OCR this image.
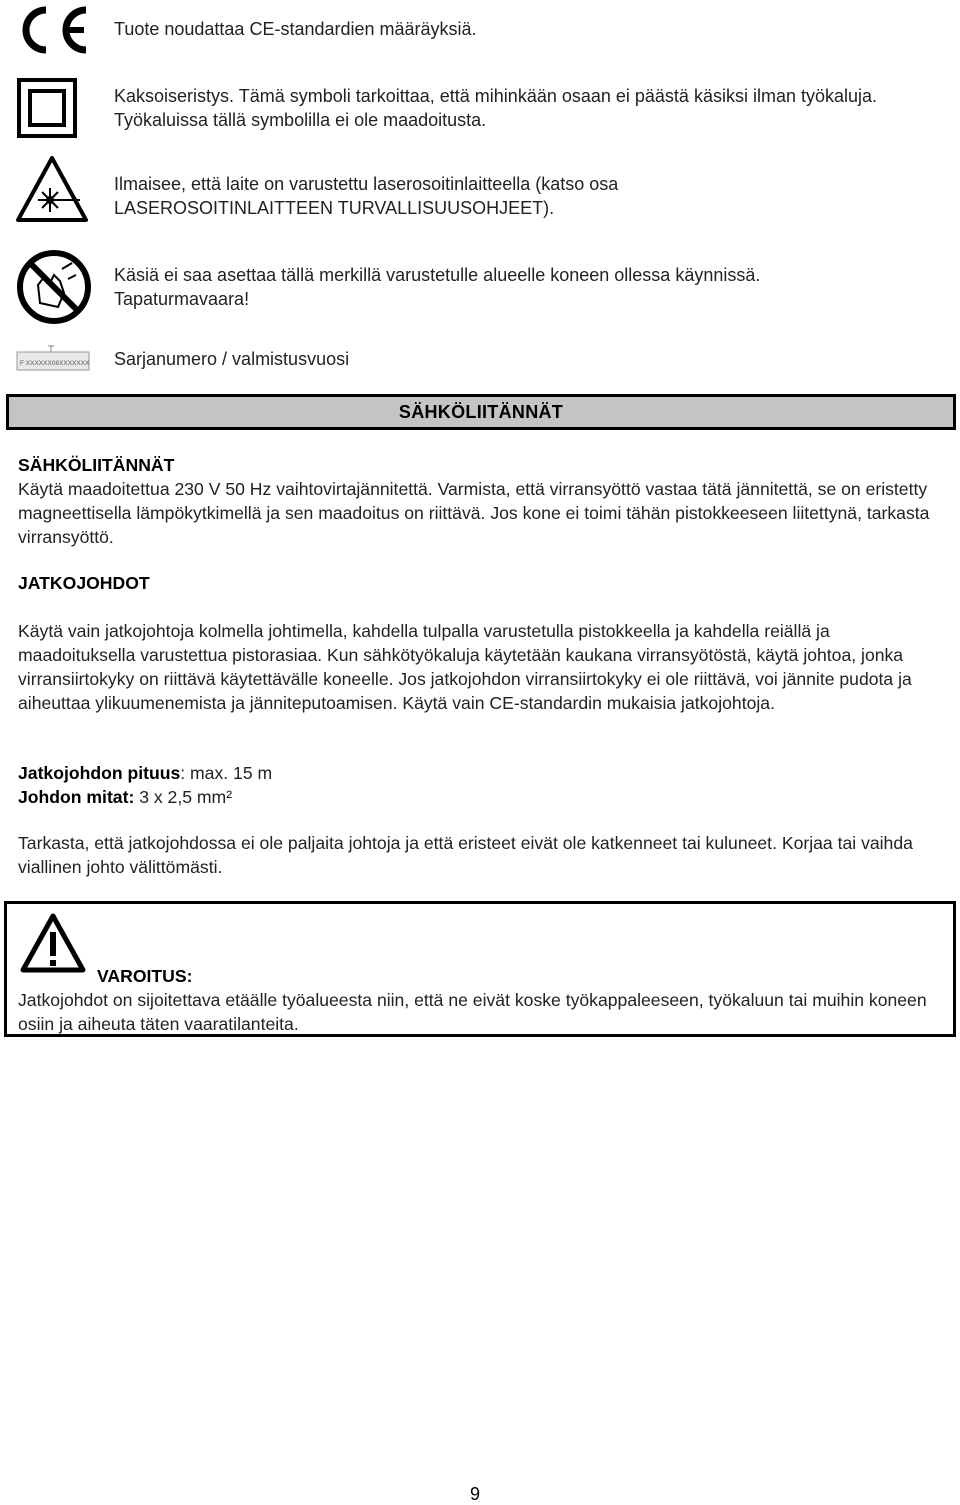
Tuote noudattaa CE-standardien määräyksiä.
Kaksoiseristys. Tämä symboli tarkoittaa, että mihinkään osaan ei päästä käsiksi ilman työkaluja. Työkaluissa tällä symbolilla ei ole maadoitusta.
Ilmaisee, että laite on varustettu laserosoitinlaitteella (katso osa LASEROSOITINLAITTEEN TURVALLISUUSOHJEET).
Käsiä ei saa asettaa tällä merkillä varustetulle alueelle koneen ollessa käynnissä. Tapaturmavaara!
F XXXXXX08XXXXXXX Sarjanumero / valmistusvuosi
SÄHKÖLIITÄNNÄT
SÄHKÖLIITÄNNÄT
Käytä maadoitettua 230 V 50 Hz vaihtovirtajännitettä. Varmista, että virransyöttö vastaa tätä jännitettä, se on eristetty magneettisella lämpökytkimellä ja sen maadoitus on riittävä. Jos kone ei toimi tähän pistokkeeseen liitettynä, tarkasta virransyöttö.
JATKOJOHDOT
Käytä vain jatkojohtoja kolmella johtimella, kahdella tulpalla varustetulla pistokkeella ja kahdella reiällä ja maadoituksella varustettua pistorasiaa. Kun sähkötyökaluja käytetään kaukana virransyötöstä, käytä johtoa, jonka virransiirtokyky on riittävä käytettävälle koneelle. Jos jatkojohdon virransiirtokyky ei ole riittävä, voi jännite pudota ja aiheuttaa ylikuumenemista ja jänniteputoamisen. Käytä vain CE-standardin mukaisia jatkojohtoja.
Jatkojohdon pituus: max. 15 m
Johdon mitat: 3 x 2,5 mm²
Tarkasta, että jatkojohdossa ei ole paljaita johtoja ja että eristeet eivät ole katkenneet tai kuluneet. Korjaa tai vaihda viallinen johto välittömästi.
VAROITUS:
Jatkojohdot on sijoitettava etäälle työalueesta niin, että ne eivät koske työkappaleeseen, työkaluun tai muihin koneen osiin ja aiheuta täten vaaratilanteita.
9
